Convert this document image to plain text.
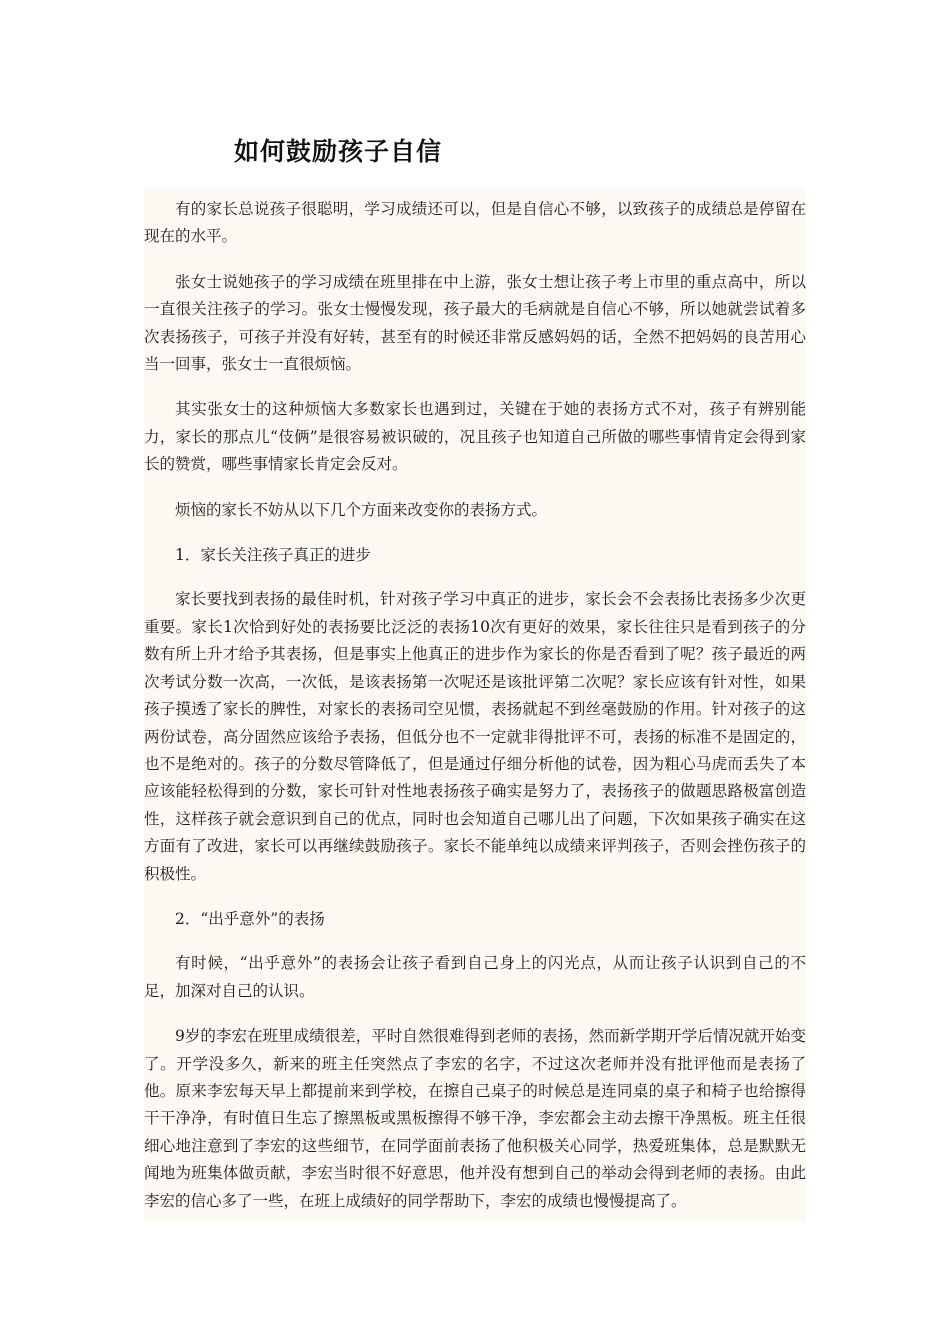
如何鼓励孩子自信

有的家长总说孩子很聪明，学习成绩还可以，但是自信心不够，以致孩子的成绩总是停留在现在的水平。

张女士说她孩子的学习成绩在班里排在中上游，张女士想让孩子考上市里的重点高中，所以一直很关注孩子的学习。张女士慢慢发现，孩子最大的毛病就是自信心不够，所以她就尝试着多次表扬孩子，可孩子并没有好转，甚至有的时候还非常反感妈妈的话，全然不把妈妈的良苦用心当一回事，张女士一直很烦恼。

其实张女士的这种烦恼大多数家长也遇到过，关键在于她的表扬方式不对，孩子有辨别能力，家长的那点儿“伎俩”是很容易被识破的，况且孩子也知道自己所做的哪些事情肯定会得到家长的赞赏，哪些事情家长肯定会反对。

烦恼的家长不妨从以下几个方面来改变你的表扬方式。

1．家长关注孩子真正的进步

家长要找到表扬的最佳时机，针对孩子学习中真正的进步，家长会不会表扬比表扬多少次更重要。家长1次恰到好处的表扬要比泛泛的表扬10次有更好的效果，家长往往只是看到孩子的分数有所上升才给予其表扬，但是事实上他真正的进步作为家长的你是否看到了呢？孩子最近的两次考试分数一次高，一次低，是该表扬第一次呢还是该批评第二次呢？家长应该有针对性，如果孩子摸透了家长的脾性，对家长的表扬司空见惯，表扬就起不到丝毫鼓励的作用。针对孩子的这两份试卷，高分固然应该给予表扬，但低分也不一定就非得批评不可，表扬的标准不是固定的，也不是绝对的。孩子的分数尽管降低了，但是通过仔细分析他的试卷，因为粗心马虎而丢失了本应该能轻松得到的分数，家长可针对性地表扬孩子确实是努力了，表扬孩子的做题思路极富创造性，这样孩子就会意识到自己的优点，同时也会知道自己哪儿出了问题，下次如果孩子确实在这方面有了改进，家长可以再继续鼓励孩子。家长不能单纯以成绩来评判孩子，否则会挫伤孩子的积极性。

2．“出乎意外”的表扬

有时候，“出乎意外”的表扬会让孩子看到自己身上的闪光点，从而让孩子认识到自己的不足，加深对自己的认识。

9岁的李宏在班里成绩很差，平时自然很难得到老师的表扬，然而新学期开学后情况就开始变了。开学没多久，新来的班主任突然点了李宏的名字，不过这次老师并没有批评他而是表扬了他。原来李宏每天早上都提前来到学校，在擦自己桌子的时候总是连同桌的桌子和椅子也给擦得干干净净，有时值日生忘了擦黑板或黑板擦得不够干净，李宏都会主动去擦干净黑板。班主任很细心地注意到了李宏的这些细节，在同学面前表扬了他积极关心同学，热爱班集体，总是默默无闻地为班集体做贡献，李宏当时很不好意思，他并没有想到自己的举动会得到老师的表扬。由此李宏的信心多了一些，在班上成绩好的同学帮助下，李宏的成绩也慢慢提高了。
